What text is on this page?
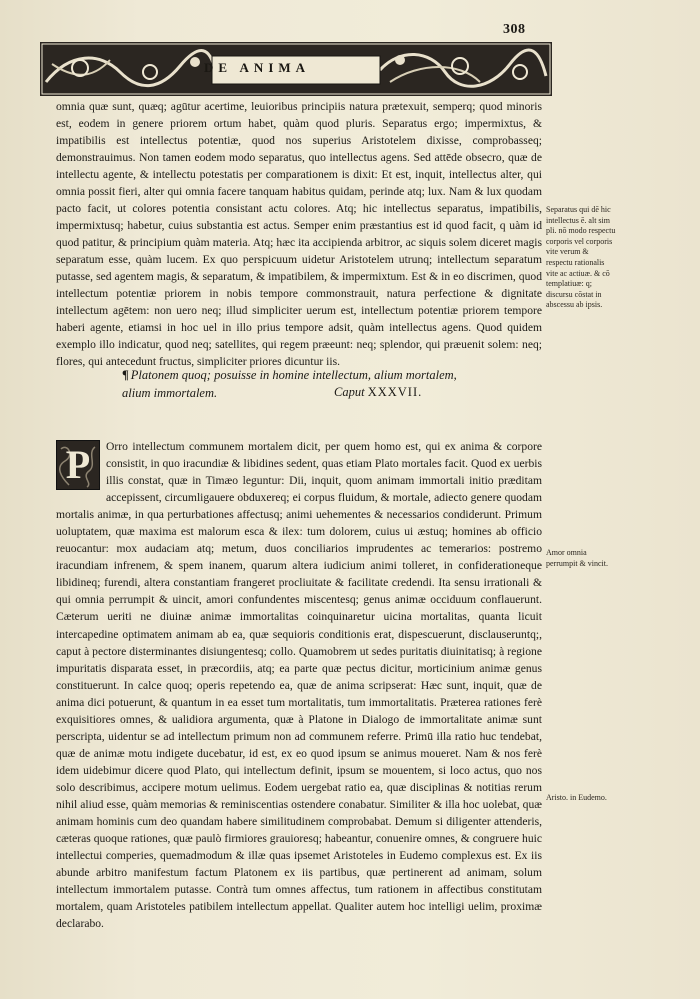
308
DE ANIMA

omnia quæ sunt, quæq; agūtur acertime, leuioribus principiis natura prætexuit, semperq; quod minoris est, eodem in genere priorem ortum habet, quàm quod pluris. Separatus ergo; impermixtus, & impatibilis est intellectus potentiæ, quod nos superius Aristotelem dixisse, comprobasseq; demonstrauimus. Non tamen eodem modo separatus, quo intellectus agens. Sed attēde obsecro, quæ de intellectu agente, & intellectu potestatis per comparationem is dixit: Et est, inquit, intellectus alter, qui omnia possit fieri, alter qui omnia facere tanquam habitus quidam, perinde atq; lux. Nam & lux quodam pacto facit, ut colores potentia consistant actu colores. Atq; hic intellectus separatus, impatibilis, impermixtusq; habetur, cuius substantia est actus. Semper enim præstantius est id quod facit, q uàm id quod patitur, & principium quàm materia. Atq; hæc ita accipienda arbitror, ac siquis solem diceret magis separatum esse, quàm lucem. Ex quo perspicuum uidetur Aristotelem utrunq; intellectum separatum putasse, sed agentem magis, & separatum, & impatibilem, & impermixtum. Est & in eo discrimen, quod intellectum potentiæ priorem in nobis tempore commonstrauit, natura perfectione & dignitate intellectum agētem: non uero neq; illud simpliciter uerum est, intellectum potentiæ priorem tempore haberi agente, etiamsi in hoc uel in illo prius tempore adsit, quàm intellectus agens. Quod quidem exemplo illo indicatur, quod neq; satellites, qui regem præeunt: neq; splendor, qui præuenit solem: neq; flores, qui antecedunt fructus, simpliciter priores dicuntur iis.

¶ Platonem quoq; posuisse in homine intellectum, alium mortalem,
alium immortalem.	Caput XXXVII.
P	Orro intellectum communem mortalem dicit, per quem homo est, qui ex anima & corpore consistit, in quo iracundiæ & libidines sedent, quas etiam Plato mortales facit. Quod ex uerbis illis constat, quæ in Timæo leguntur: Dii, inquit, quom animam immortali initio præditam accepissent, circumligauere obduxereq; ei corpus fluidum, & mortale, adiecto genere quodam mortalis animæ, in qua perturbationes affectusq; animi uehementes & necessarios condiderunt. Primum uoluptatem, quæ maxima est malorum esca & ilex: tum dolorem, cuius ui æstuq; homines ab officio reuocantur: mox audaciam atq; metum, duos conciliarios imprudentes ac temerarios: postremo iracundiam infrenem, & spem inanem, quarum altera iudicium animi tolleret, in confiderationeque libidineq; furendi, altera constantiam frangeret procliuitate & facilitate credendi. Ita sensu irrationali & qui omnia perrumpit & uincit, amori confundentes miscentesq; genus animæ occiduum conflauerunt. Cæterum ueriti ne diuinæ animæ immortalitas coinquinaretur uicina mortalitas, quanta licuit intercapedine optimatem animam ab ea, quæ sequioris conditionis erat, dispescuerunt, disclauseruntq;, caput à pectore disterminantes disiungentesq; collo. Quamobrem ut sedes puritatis diuinitatisq; à regione impuritatis disparata esset, in præcordiis, atq; ea parte quæ pectus dicitur, morticinium animæ genus constituerunt. In calce quoq; operis repetendo ea, quæ de anima scripserat: Hæc sunt, inquit, quæ de anima dici potuerunt, & quantum in ea esset tum mortalitatis, tum immortalitatis. Præterea rationes ferè exquisitiores omnes, & ualidiora argumenta, quæ à Platone in Dialogo de immortalitate animæ sunt perscripta, uidentur se ad intellectum primum non ad communem referre. Primū illa ratio huc tendebat, quæ de animæ motu indigete ducebatur, id est, ex eo quod ipsum se animus moueret. Nam & nos ferè idem uidebimur dicere quod Plato, qui intellectum definit, ipsum se mouentem, si loco actus, quo nos solo describimus, accipere motum uelimus. Eodem uergebat ratio ea, quæ disciplinas & notitias rerum nihil aliud esse, quàm memorias & reminiscentias ostendere conabatur. Similiter & illa hoc uolebat, quæ animam hominis cum deo quandam habere similitudinem comprobabat. Demum si diligenter attenderis, cæteras quoque rationes, quæ paulò firmiores grauioresq; habeantur, conuenire omnes, & congruere huic intellectui comperies, quemadmodum & illæ quas ipsemet Aristoteles in Eudemo complexus est. Ex iis abunde arbitro manifestum factum Platonem ex iis partibus, quæ pertinerent ad animam, solum intellectum immortalem putasse. Contrà tum omnes affectus, tum rationem in affectibus constitutam mortalem, quam Aristoteles patibilem intellectum appellat. Qualiter autem hoc intelligi uelim, proximæ declarabo.

Separatus qui dē hic intellectus ē. alt sim pli. nō modo respectu corporis vel corporis vite verum & respectu rationalis vite ac actiuæ. & cō templatiuæ: q; discursu cōstat in abscessu ab ipsis.
Amor omnia perrumpit & vincit.
Aristo. in Eudemo.
